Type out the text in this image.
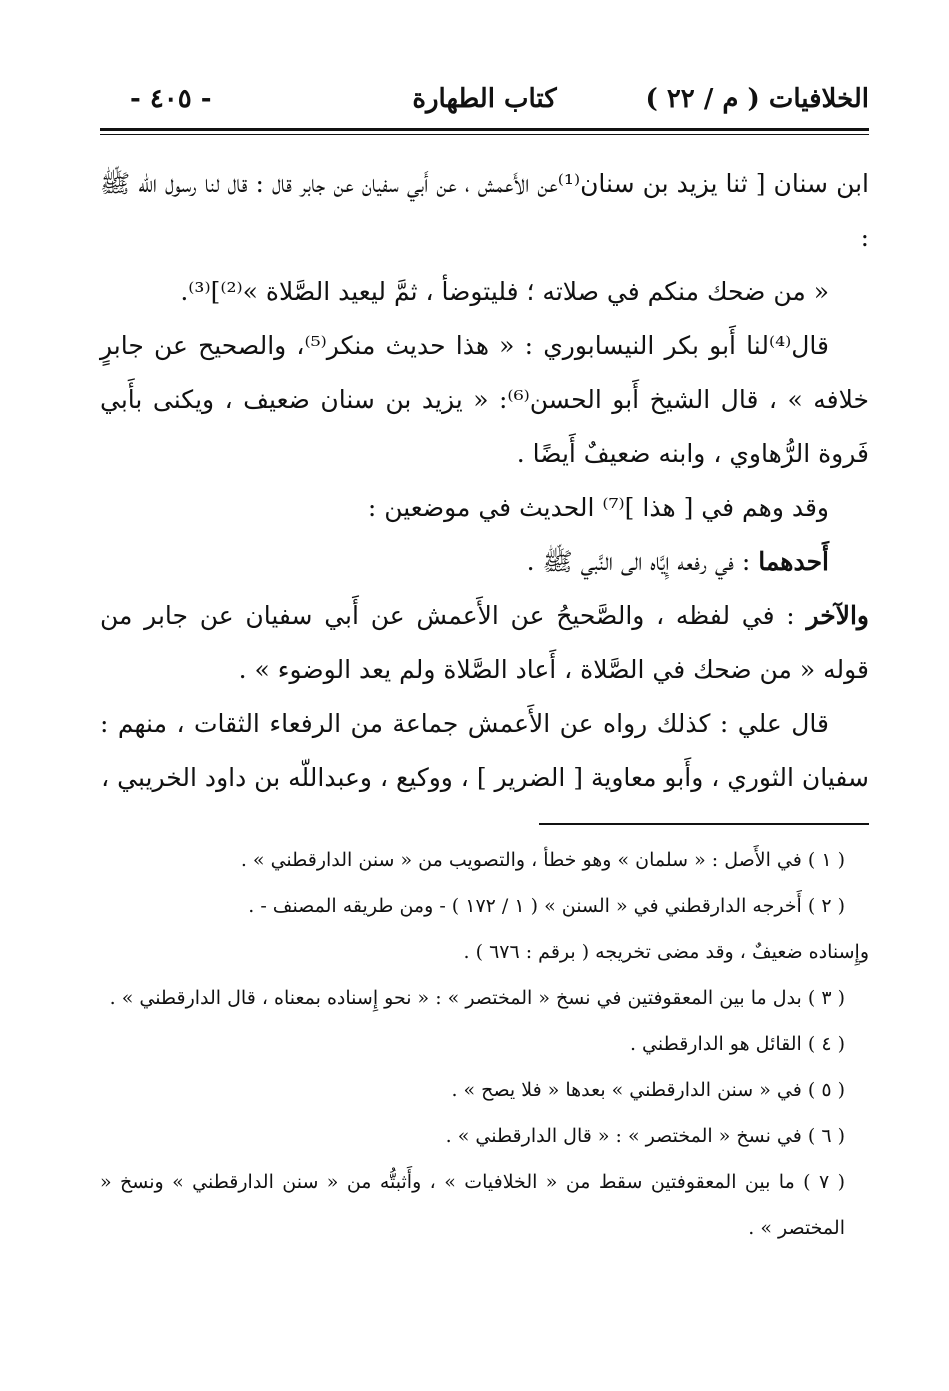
الخلافيات ( م / ٢٢ )
كتاب الطهارة
- ٤٠٥ -

ابن سنان [ ثنا يزيد بن سنان⁽¹⁾عن الأَعمش ، عن أَبي سفيان عن جابر قال : قال لنا رسول اللّه ﷺ :

« من ضحك منكم في صلاته ؛ فليتوضأ ، ثمَّ ليعيد الصَّلاة »⁽²⁾]⁽³⁾.

قال⁽⁴⁾لنا أَبو بكر النيسابوري : « هذا حديث منكر⁽⁵⁾، والصحيح عن جابرٍ خلافه » ، قال الشيخ أَبو الحسن⁽⁶⁾: « يزيد بن سنان ضعيف ، ويكنى بأَبي فَروة الرُّهاوي ، وابنه ضعيفٌ أَيضًا .

وقد وهم في [ هذا ]⁽⁷⁾ الحديث في موضعين :

أَحدهما : في رفعه إِيَّاه الى النَّبي ﷺ .

والآخر : في لفظه ، والصَّحيحُ عن الأَعمش عن أَبي سفيان عن جابر من قوله « من ضحك في الصَّلاة ، أَعاد الصَّلاة ولم يعد الوضوء » .

قال علي : كذلك رواه عن الأَعمش جماعة من الرفعاء الثقات ، منهم : سفيان الثوري ، وأَبو معاوية [ الضرير ] ، ووكيع ، وعبداللّه بن داود الخريبي ،

( ١ ) في الأَصل : « سلمان » وهو خطأ ، والتصويب من « سنن الدارقطني » .

( ٢ ) أَخرجه الدارقطني في « السنن » ( ١ / ١٧٢ ) - ومن طريقه المصنف - .

وإِسناده ضعيفٌ ، وقد مضى تخريجه ( برقم : ٦٧٦ ) .

( ٣ ) بدل ما بين المعقوفتين في نسخ « المختصر » : « نحو إِسناده بمعناه ، قال الدارقطني » .

( ٤ ) القائل هو الدارقطني .

( ٥ ) في « سنن الدارقطني » بعدها « فلا يصح » .

( ٦ ) في نسخ « المختصر » : « قال الدارقطني » .

( ٧ ) ما بين المعقوفتين سقط من « الخلافيات » ، وأَثبتُّه من « سنن الدارقطني » ونسخ « المختصر » .
